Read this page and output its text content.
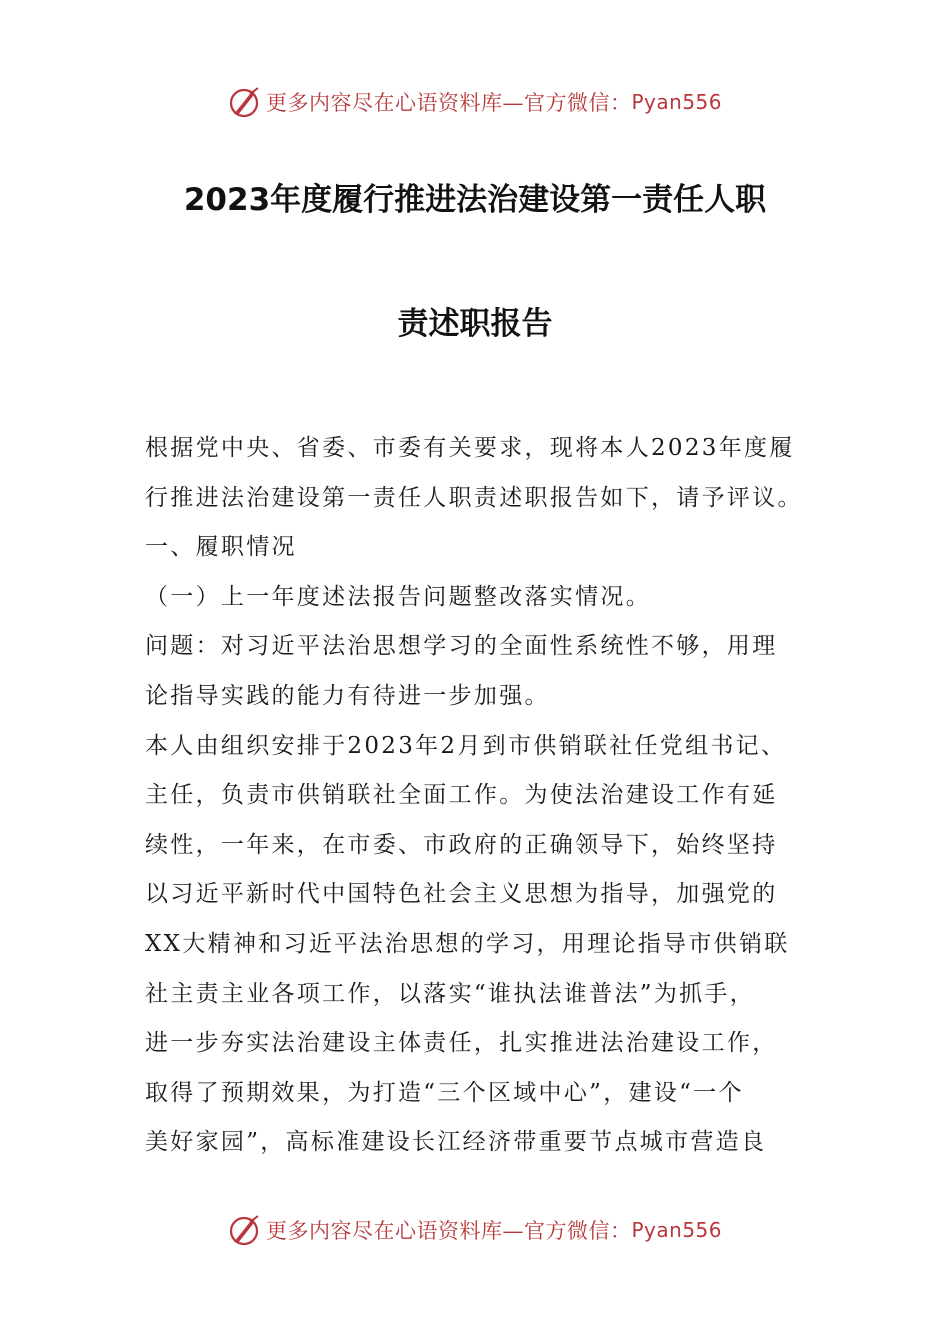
更多内容尽在心语资料库—官方微信： Pyan556
2023年度履行推进法治建设第一责任人职
责述职报告
根据党中央、省委、市委有关要求，现将本人2023年度履
行推进法治建设第一责任人职责述职报告如下，请予评议。
一、履职情况
（一）上一年度述法报告问题整改落实情况。
问题：对习近平法治思想学习的全面性系统性不够，用理
论指导实践的能力有待进一步加强。
本人由组织安排于2023年2月到市供销联社任党组书记、
主任，负责市供销联社全面工作。为使法治建设工作有延
续性，一年来，在市委、市政府的正确领导下，始终坚持
以习近平新时代中国特色社会主义思想为指导，加强党的
XX大精神和习近平法治思想的学习，用理论指导市供销联
社主责主业各项工作，以落实“谁执法谁普法”为抓手，
进一步夯实法治建设主体责任，扎实推进法治建设工作，
取得了预期效果，为打造“三个区域中心”，建设“一个
美好家园”，高标准建设长江经济带重要节点城市营造良
更多内容尽在心语资料库—官方微信： Pyan556
